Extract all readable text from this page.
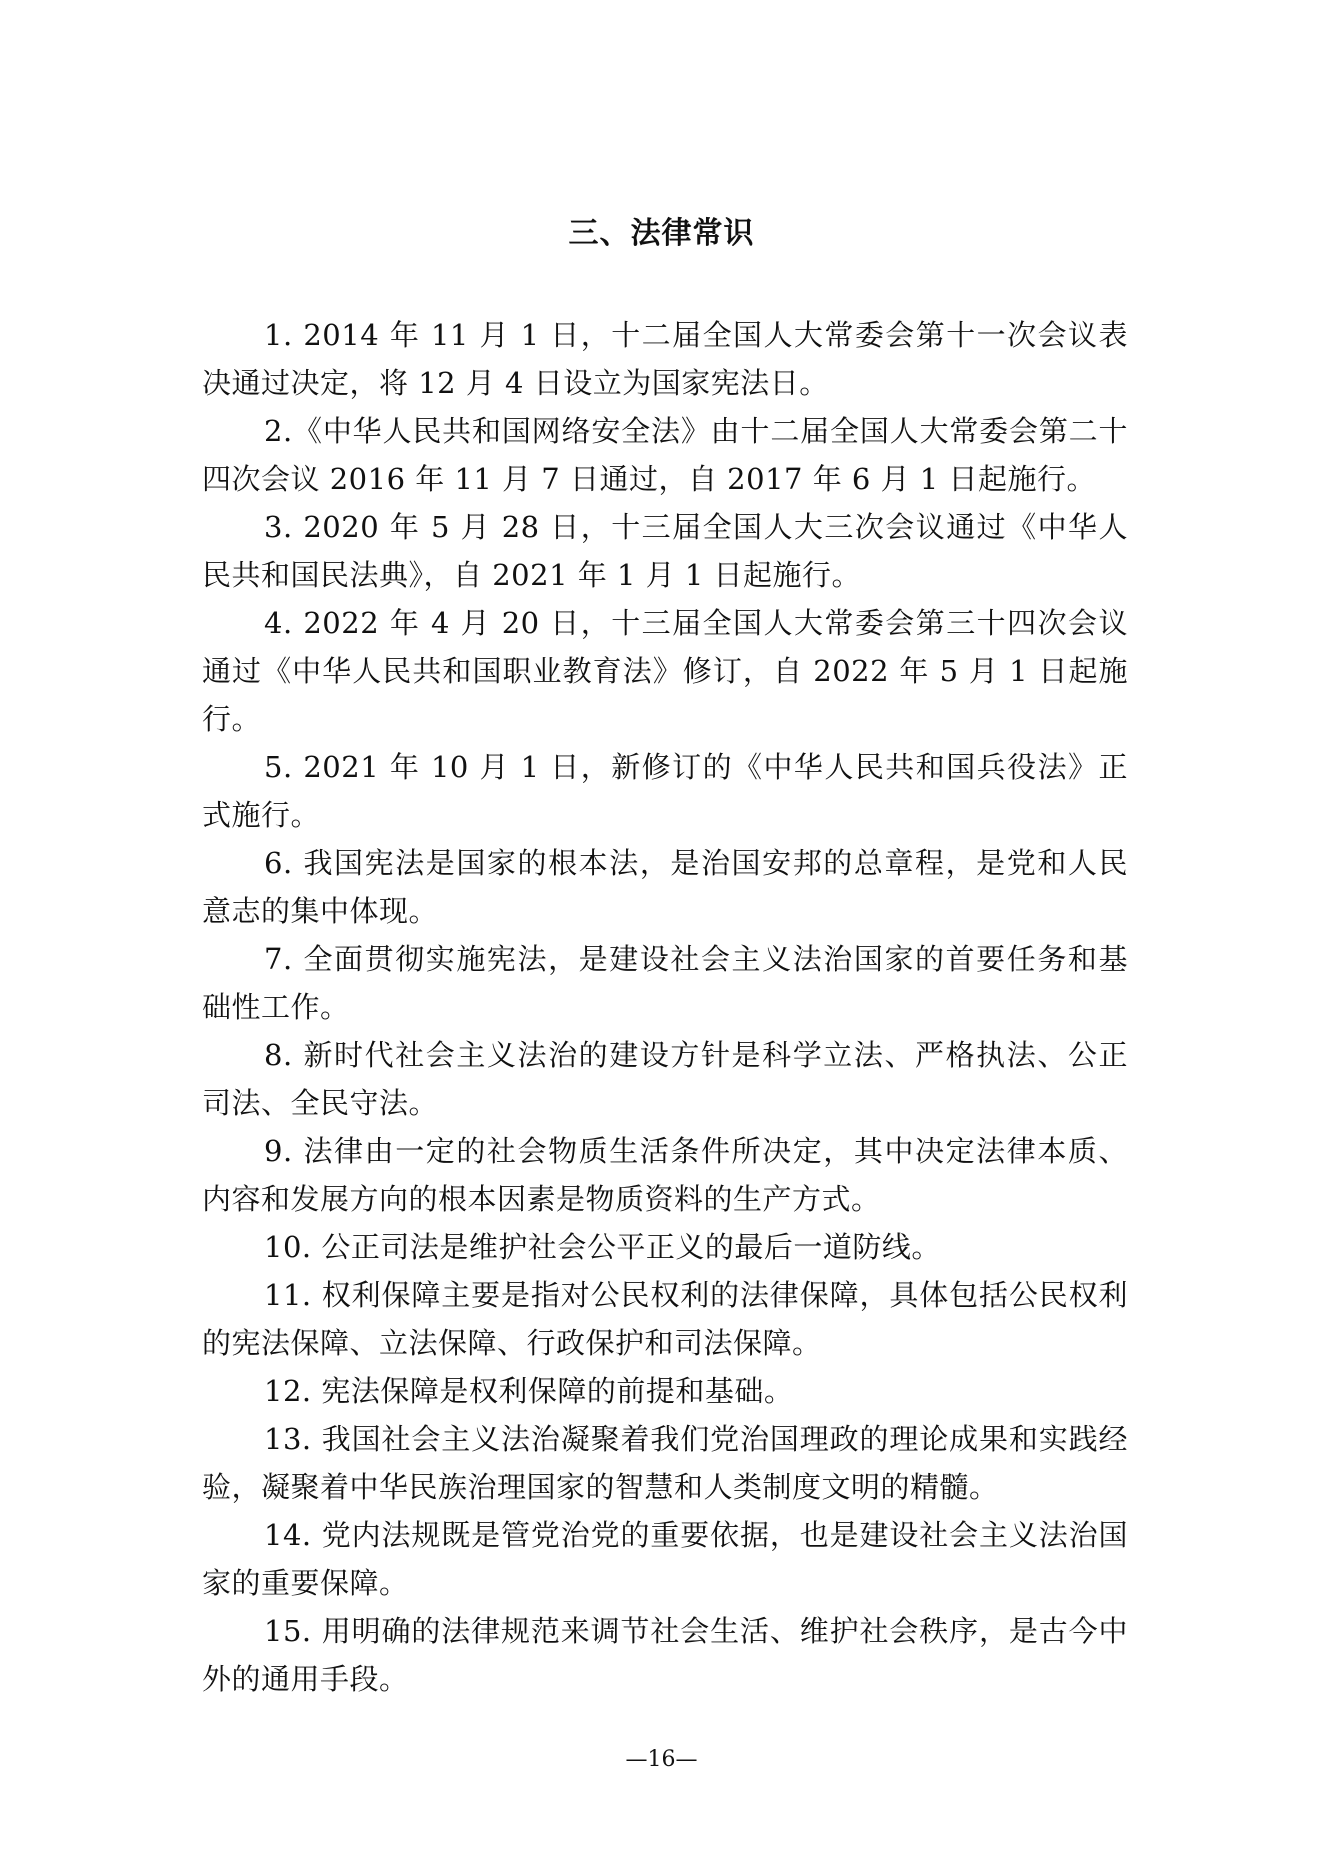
三、法律常识

1. 2014 年 11 月 1 日，十二届全国人大常委会第十一次会议表决通过决定，将 12 月 4 日设立为国家宪法日。

2.《中华人民共和国网络安全法》由十二届全国人大常委会第二十四次会议 2016 年 11 月 7 日通过，自 2017 年 6 月 1 日起施行。

3. 2020 年 5 月 28 日，十三届全国人大三次会议通过《中华人民共和国民法典》，自 2021 年 1 月 1 日起施行。

4. 2022 年 4 月 20 日，十三届全国人大常委会第三十四次会议通过《中华人民共和国职业教育法》修订，自 2022 年 5 月 1 日起施行。

5. 2021 年 10 月 1 日，新修订的《中华人民共和国兵役法》正式施行。

6. 我国宪法是国家的根本法，是治国安邦的总章程，是党和人民意志的集中体现。

7. 全面贯彻实施宪法，是建设社会主义法治国家的首要任务和基础性工作。

8. 新时代社会主义法治的建设方针是科学立法、严格执法、公正司法、全民守法。

9. 法律由一定的社会物质生活条件所决定，其中决定法律本质、内容和发展方向的根本因素是物质资料的生产方式。

10. 公正司法是维护社会公平正义的最后一道防线。

11. 权利保障主要是指对公民权利的法律保障，具体包括公民权利的宪法保障、立法保障、行政保护和司法保障。

12. 宪法保障是权利保障的前提和基础。

13. 我国社会主义法治凝聚着我们党治国理政的理论成果和实践经验，凝聚着中华民族治理国家的智慧和人类制度文明的精髓。

14. 党内法规既是管党治党的重要依据，也是建设社会主义法治国家的重要保障。

15. 用明确的法律规范来调节社会生活、维护社会秩序，是古今中外的通用手段。

—16—
